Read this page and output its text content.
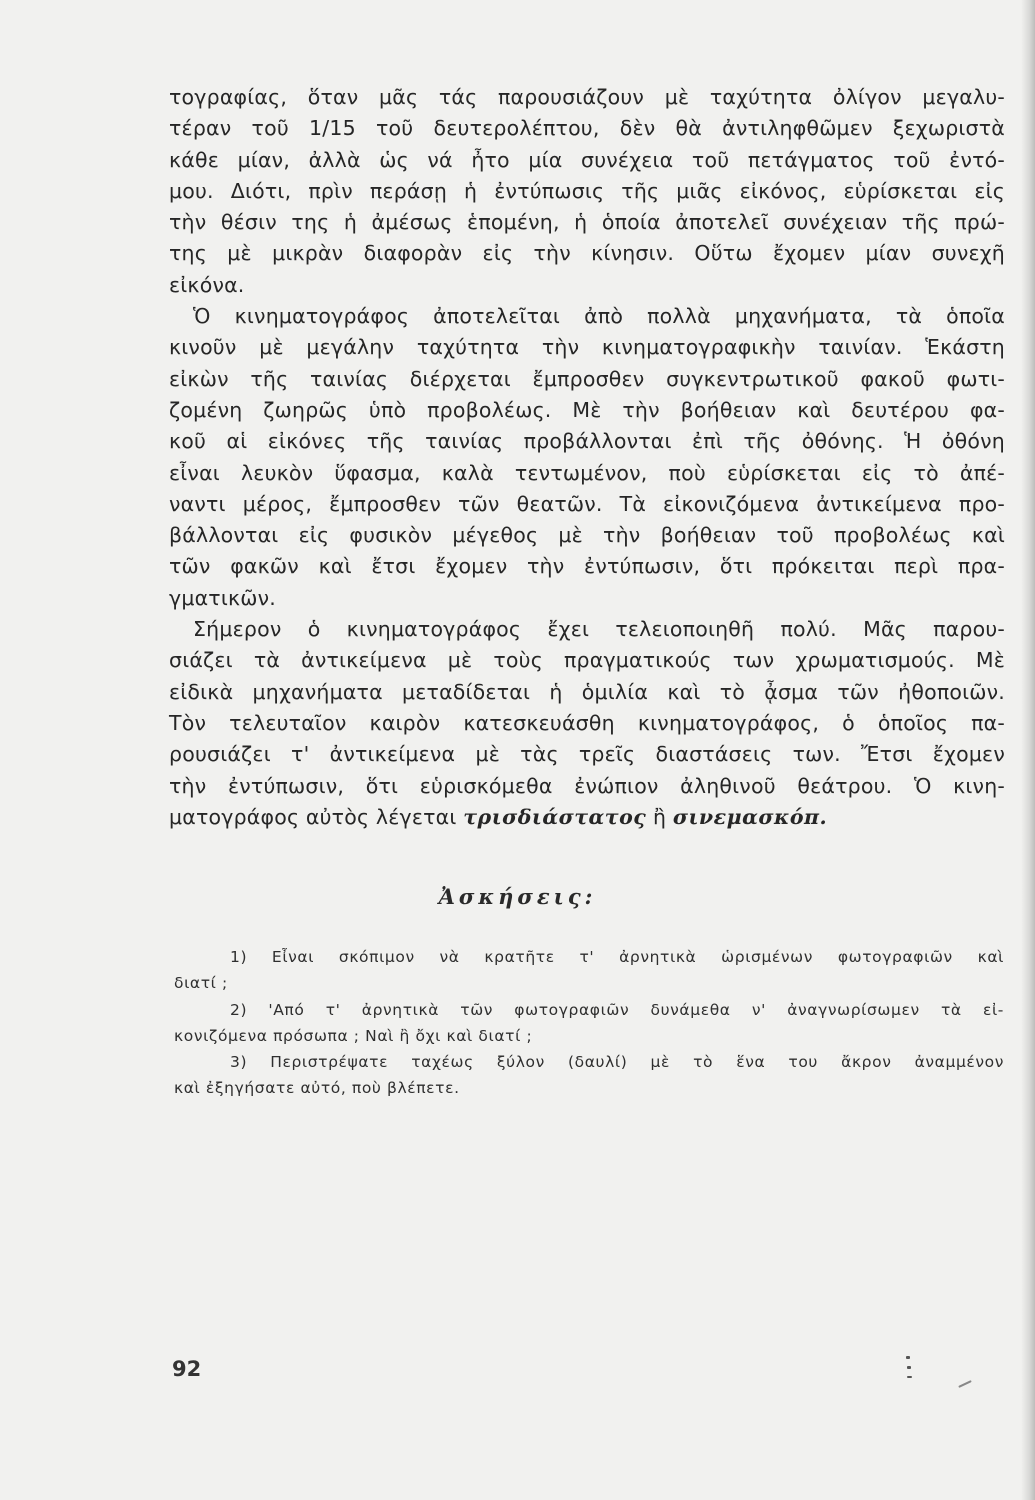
τογραφίας, ὅταν μᾶς τάς παρουσιάζουν μὲ ταχύτητα ὀλίγον μεγαλυ-
τέραν τοῦ 1/15 τοῦ δευτερολέπτου, δὲν θὰ ἀντιληφθῶμεν ξεχωριστὰ
κάθε μίαν, ἀλλὰ ὡς νά ἦτο μία συνέχεια τοῦ πετάγματος τοῦ ἐντό-
μου. Διότι, πρὶν περάσῃ ἡ ἐντύπωσις τῆς μιᾶς εἰκόνος, εὑρίσκεται εἰς
τὴν θέσιν της ἡ ἀμέσως ἑπομένη, ἡ ὁποία ἀποτελεῖ συνέχειαν τῆς πρώ-
της μὲ μικρὰν διαφορὰν εἰς τὴν κίνησιν. Οὕτω ἔχομεν μίαν συνεχῆ
εἰκόνα.
Ὁ κινηματογράφος ἀποτελεῖται ἀπὸ πολλὰ μηχανήματα, τὰ ὁποῖα
κινοῦν μὲ μεγάλην ταχύτητα τὴν κινηματογραφικὴν ταινίαν. Ἑκάστη
εἰκὼν τῆς ταινίας διέρχεται ἔμπροσθεν συγκεντρωτικοῦ φακοῦ φωτι-
ζομένη ζωηρῶς ὑπὸ προβολέως. Μὲ τὴν βοήθειαν καὶ δευτέρου φα-
κοῦ αἱ εἰκόνες τῆς ταινίας προβάλλονται ἐπὶ τῆς ὀθόνης. Ἡ ὀθόνη
εἶναι λευκὸν ὕφασμα, καλὰ τεντωμένον, ποὺ εὑρίσκεται εἰς τὸ ἀπέ-
ναντι μέρος, ἔμπροσθεν τῶν θεατῶν. Τὰ εἰκονιζόμενα ἀντικείμενα προ-
βάλλονται εἰς φυσικὸν μέγεθος μὲ τὴν βοήθειαν τοῦ προβολέως καὶ
τῶν φακῶν καὶ ἔτσι ἔχομεν τὴν ἐντύπωσιν, ὅτι πρόκειται περὶ πρα-
γματικῶν.
Σήμερον ὁ κινηματογράφος ἔχει τελειοποιηθῆ πολύ. Μᾶς παρου-
σιάζει τὰ ἀντικείμενα μὲ τοὺς πραγματικούς των χρωματισμούς. Μὲ
εἰδικὰ μηχανήματα μεταδίδεται ἡ ὁμιλία καὶ τὸ ᾆσμα τῶν ἠθοποιῶν.
Τὸν τελευταῖον καιρὸν κατεσκευάσθη κινηματογράφος, ὁ ὁποῖος πα-
ρουσιάζει τ' ἀντικείμενα μὲ τὰς τρεῖς διαστάσεις των. Ἔτσι ἔχομεν
τὴν ἐντύπωσιν, ὅτι εὑρισκόμεθα ἐνώπιον ἀληθινοῦ θεάτρου. Ὁ κινη-
ματογράφος αὐτὸς λέγεται τρισδιάστατος ἢ σινεμασκόπ.
Ἀσκήσεις:
1) Εἶναι σκόπιμον νὰ κρατῆτε τ' ἀρνητικὰ ὡρισμένων φωτογραφιῶν καὶ
διατί ;
2) 'Από τ' ἀρνητικὰ τῶν φωτογραφιῶν δυνάμεθα ν' ἀναγνωρίσωμεν τὰ εἰ-
κονιζόμενα πρόσωπα ; Ναὶ ἢ ὄχι καὶ διατί ;
3) Περιστρέψατε ταχέως ξύλον (δαυλί) μὲ τὸ ἕνα του ἄκρον ἀναμμένον
καὶ ἐξηγήσατε αὐτό, ποὺ βλέπετε.
92
